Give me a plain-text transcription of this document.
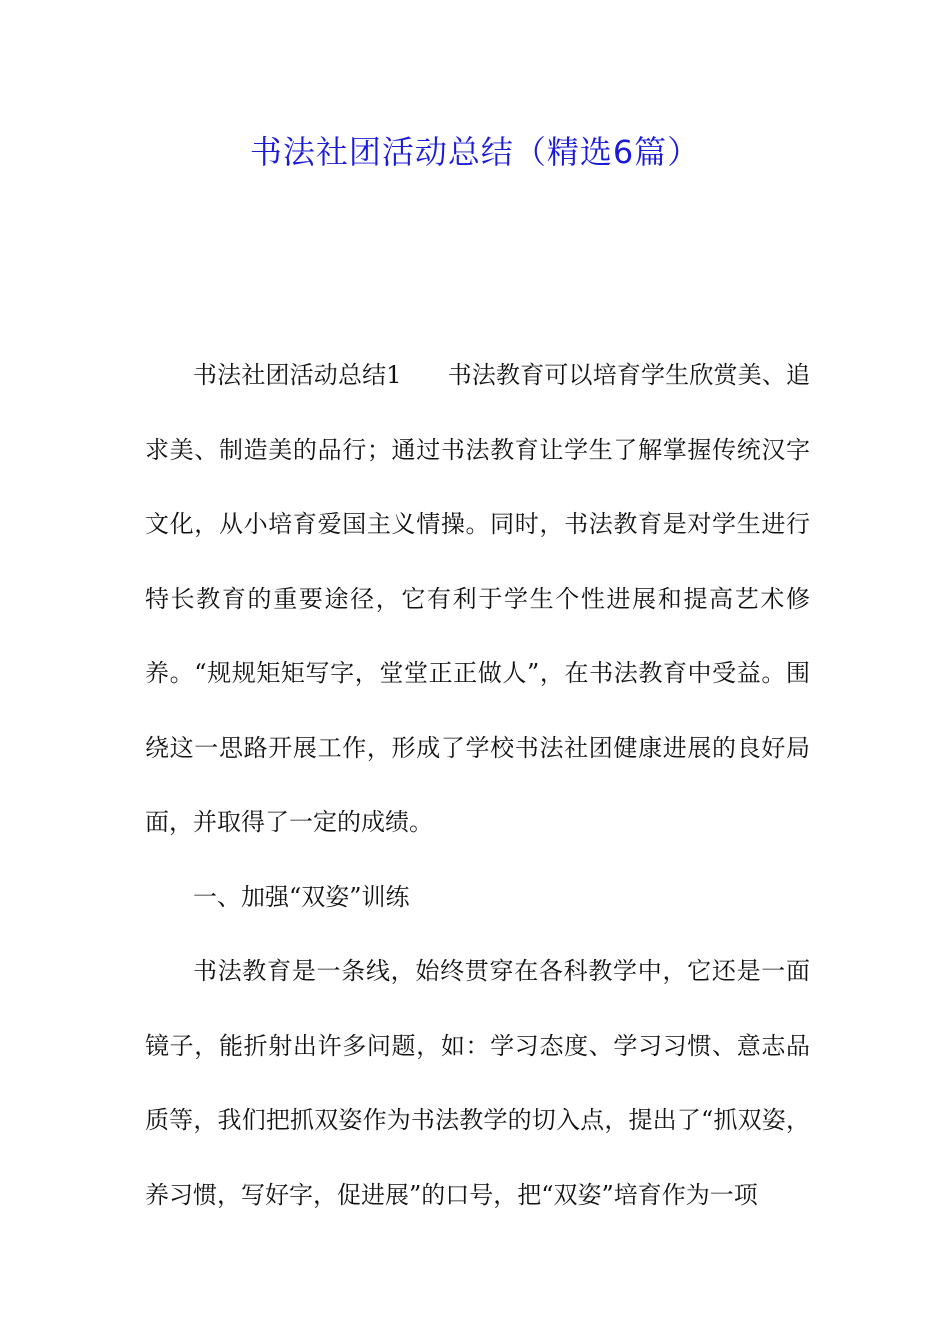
书法社团活动总结（精选6篇）

书法社团活动总结1 书法教育可以培育学生欣赏美、追求美、制造美的品行；通过书法教育让学生了解掌握传统汉字文化，从小培育爱国主义情操。同时，书法教育是对学生进行特长教育的重要途径，它有利于学生个性进展和提高艺术修养。“规规矩矩写字，堂堂正正做人”，在书法教育中受益。围绕这一思路开展工作，形成了学校书法社团健康进展的良好局面，并取得了一定的成绩。

一、加强“双姿”训练

书法教育是一条线，始终贯穿在各科教学中，它还是一面镜子，能折射出许多问题，如：学习态度、学习习惯、意志品质等，我们把抓双姿作为书法教学的切入点，提出了“抓双姿，养习惯，写好字，促进展”的口号，把“双姿”培育作为一项
